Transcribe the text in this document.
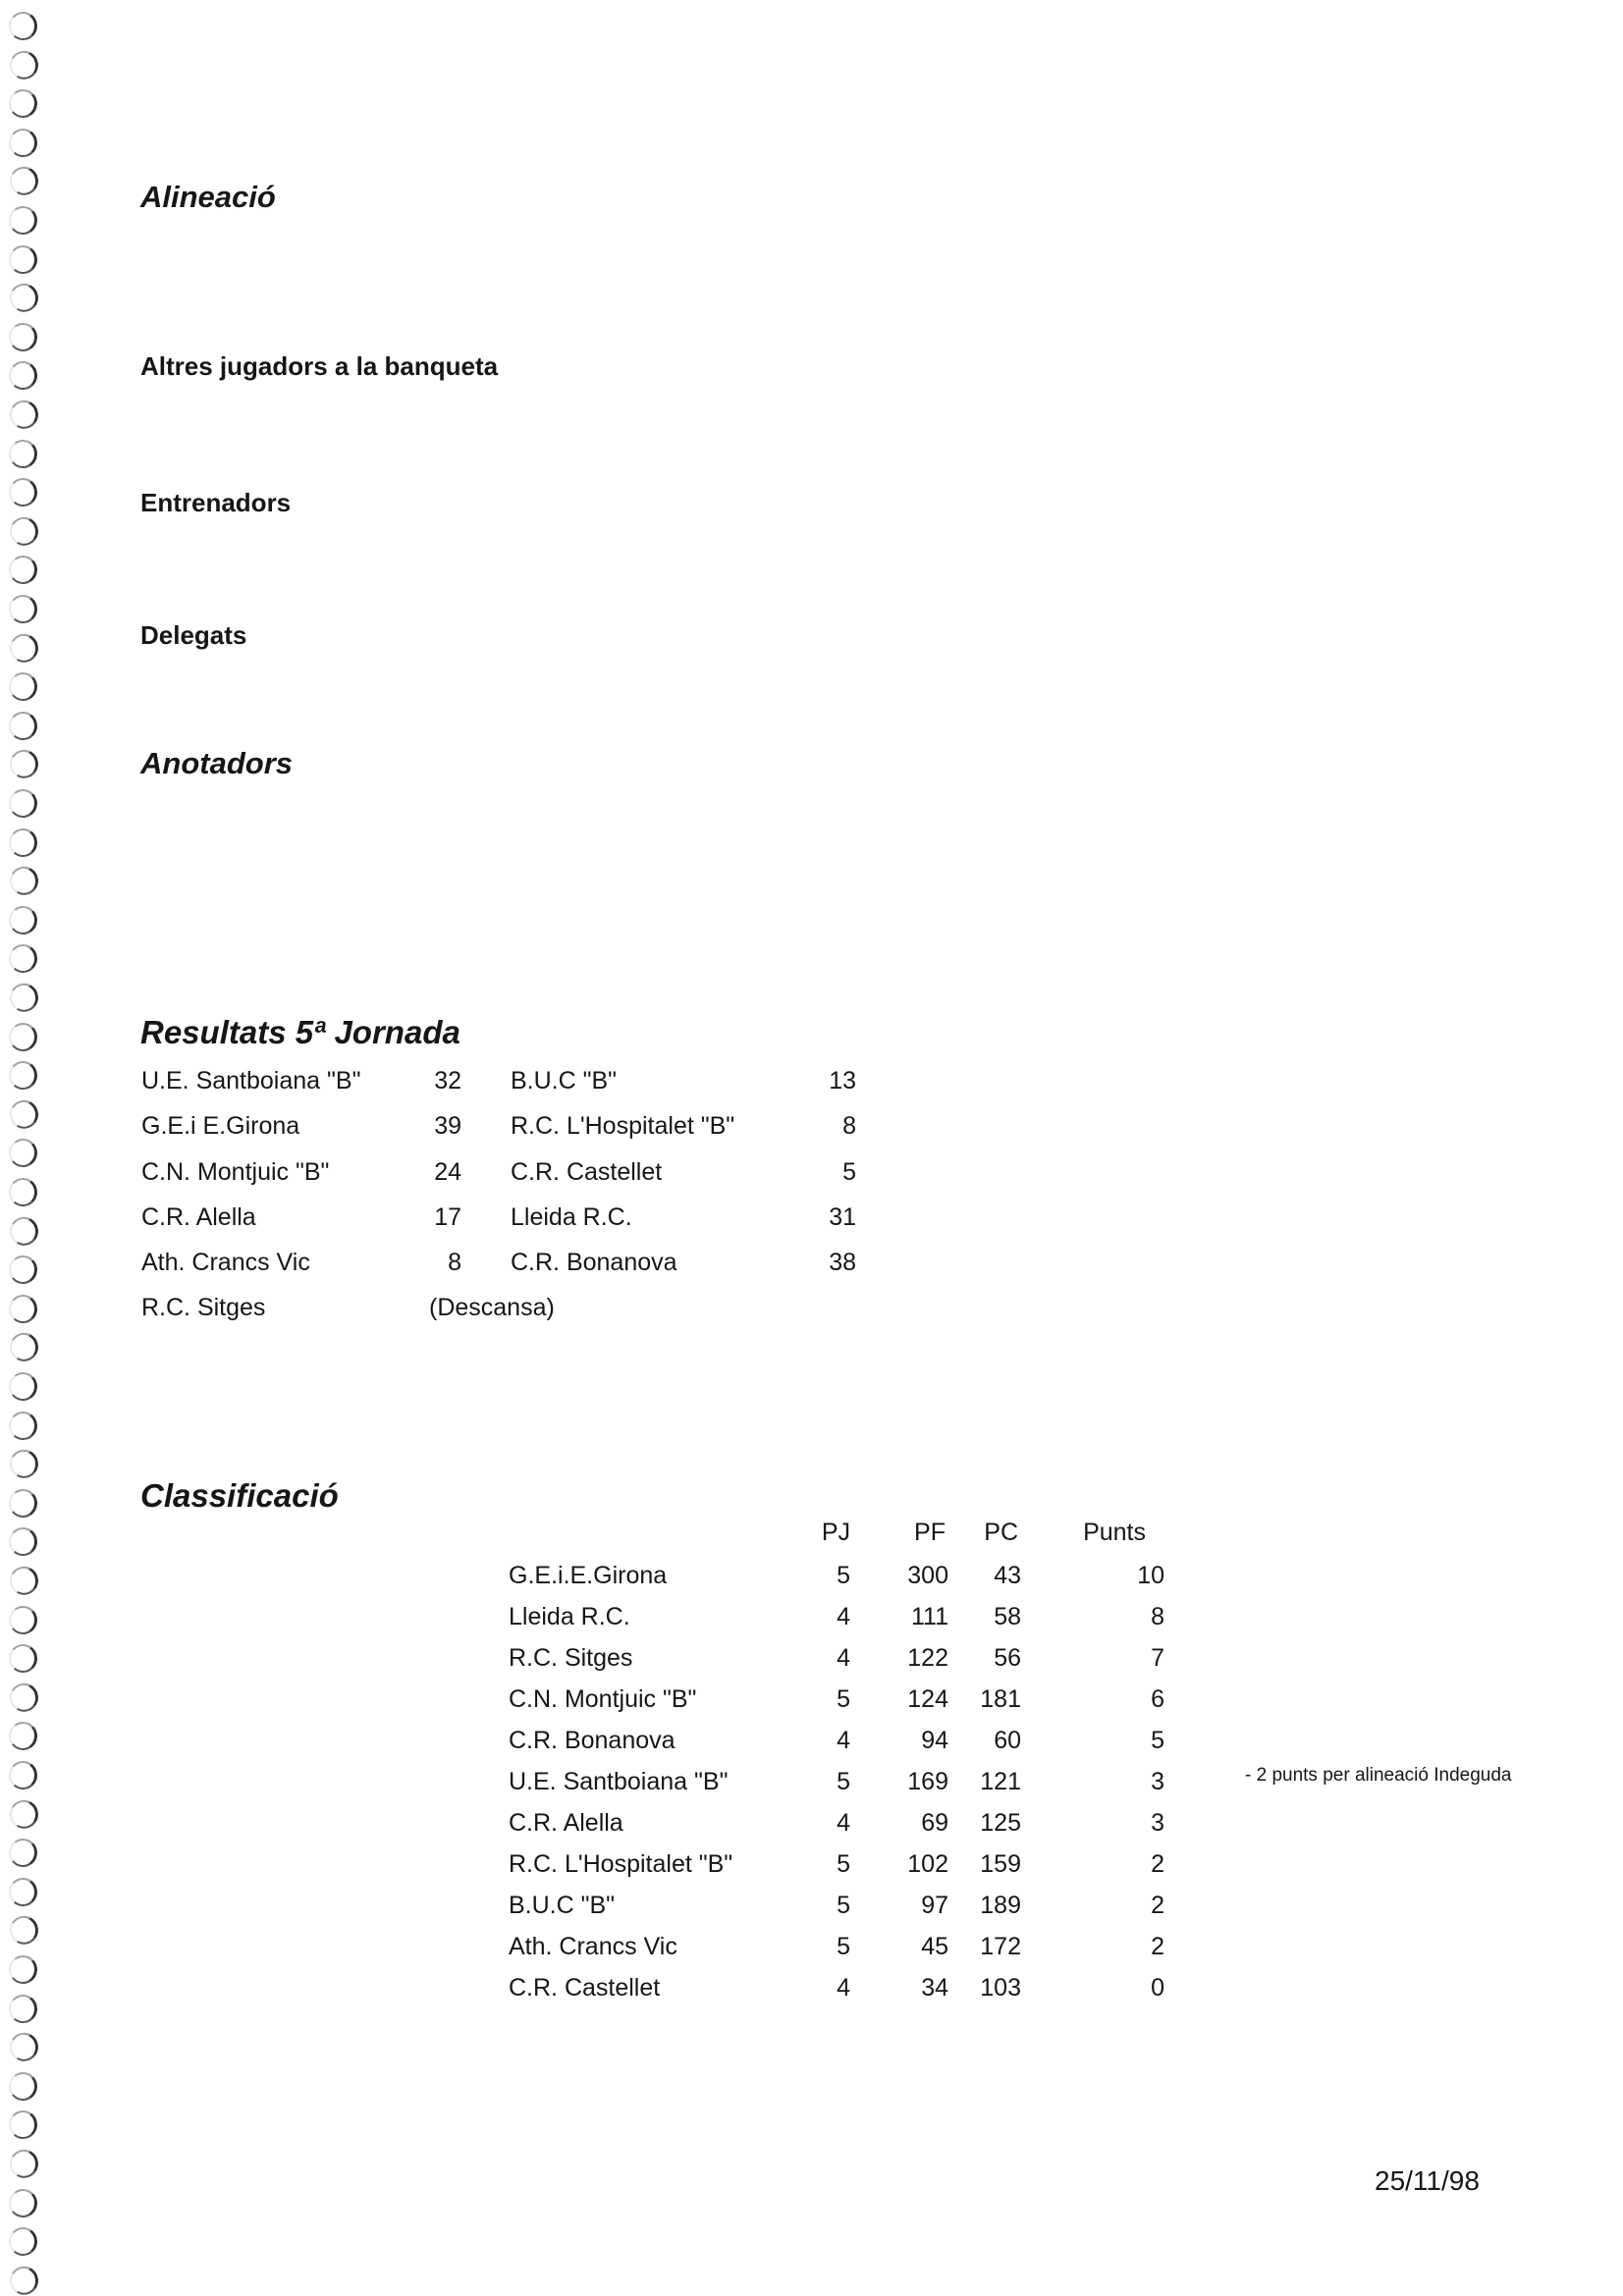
Alineació
Altres jugadors a la banqueta
Entrenadors
Delegats
Anotadors
Resultats 5ª Jornada
U.E. Santboiana "B"	32	B.U.C "B"	13
G.E.i E.Girona	39	R.C. L'Hospitalet "B"	8
C.N. Montjuic "B"	24	C.R. Castellet	5
C.R. Alella	17	Lleida R.C.	31
Ath. Crancs Vic	8	C.R. Bonanova	38
R.C. Sitges	(Descansa)
Classificació
PJ	PF	PC	Punts
G.E.i.E.Girona	5	300	43	10
Lleida R.C.	4	111	58	8
R.C. Sitges	4	122	56	7
C.N. Montjuic "B"	5	124	181	6
C.R. Bonanova	4	94	60	5
U.E. Santboiana "B"	5	169	121	3
C.R. Alella	4	69	125	3
R.C. L'Hospitalet "B"	5	102	159	2
B.U.C "B"	5	97	189	2
Ath. Crancs Vic	5	45	172	2
C.R. Castellet	4	34	103	0
- 2 punts per alineació Indeguda
25/11/98
